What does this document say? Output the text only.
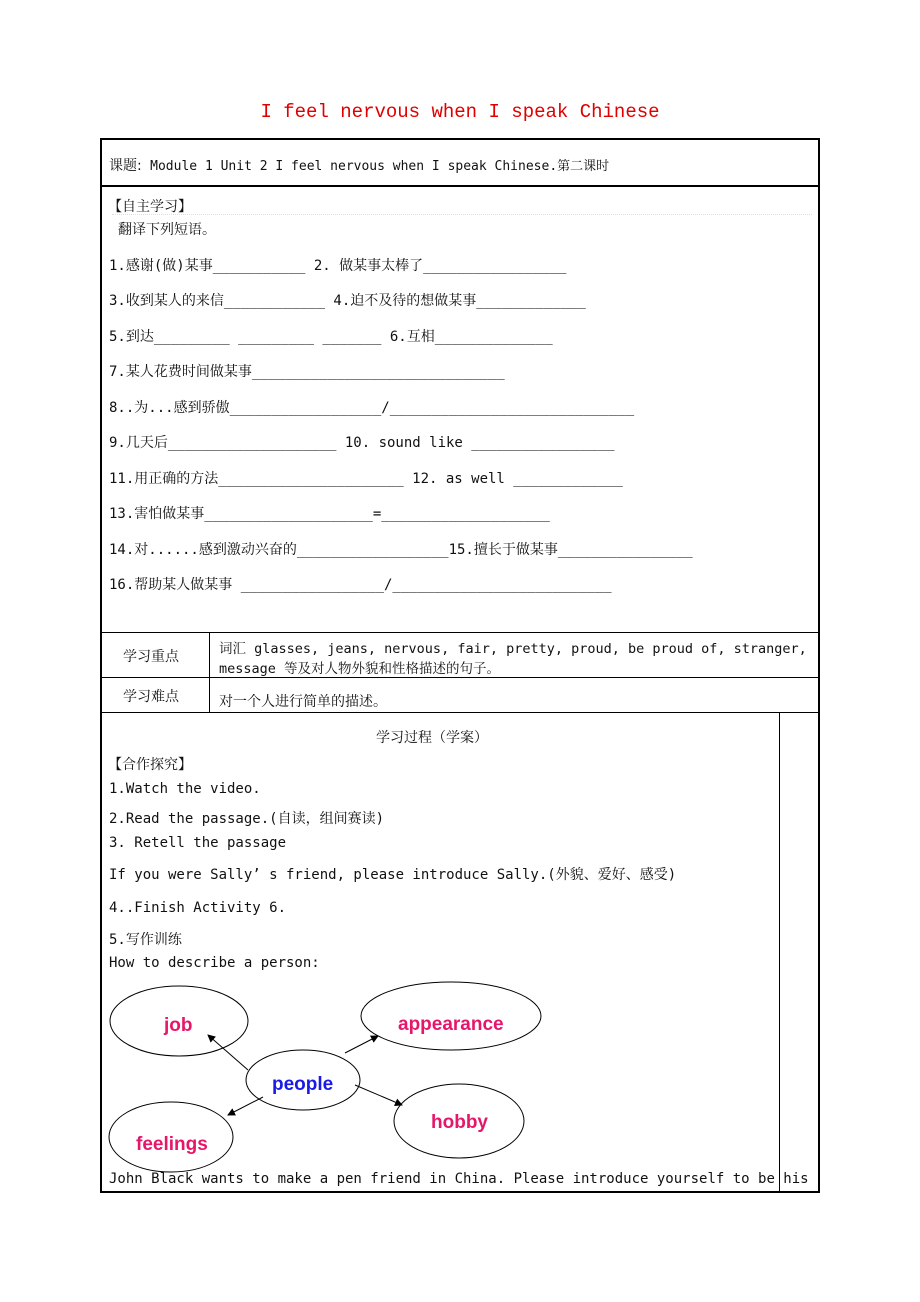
I feel nervous when I speak Chinese
课题: Module 1 Unit 2 I feel nervous when I speak Chinese.第二课时
【自主学习】
翻译下列短语。
1.感谢(做)某事___________ 2. 做某事太棒了_________________
3.收到某人的来信____________ 4.迫不及待的想做某事_____________
5.到达_________ _________ _______ 6.互相______________
7.某人花费时间做某事______________________________
8..为...感到骄傲__________________/_____________________________
9.几天后____________________ 10. sound like _________________
11.用正确的方法______________________ 12. as well _____________
13.害怕做某事____________________=____________________
14.对......感到激动兴奋的__________________15.擅长于做某事________________
16.帮助某人做某事 _________________/__________________________
学习重点	词汇 glasses, jeans, nervous, fair, pretty, proud, be proud of, stranger,
message 等及对人物外貌和性格描述的句子。
学习难点	对一个人进行简单的描述。
学习过程（学案）
【合作探究】
1.Watch the video.
2.Read the passage.(自读，组间赛读)
3. Retell the passage
If you were Sally’ s friend, please introduce Sally.(外貌、爱好、感受)
4..Finish Activity 6.
5.写作训练
How to describe a person:
job	appearance
feelings
hobby
people
John Black wants to make a pen friend in China. Please introduce yourself to be his
